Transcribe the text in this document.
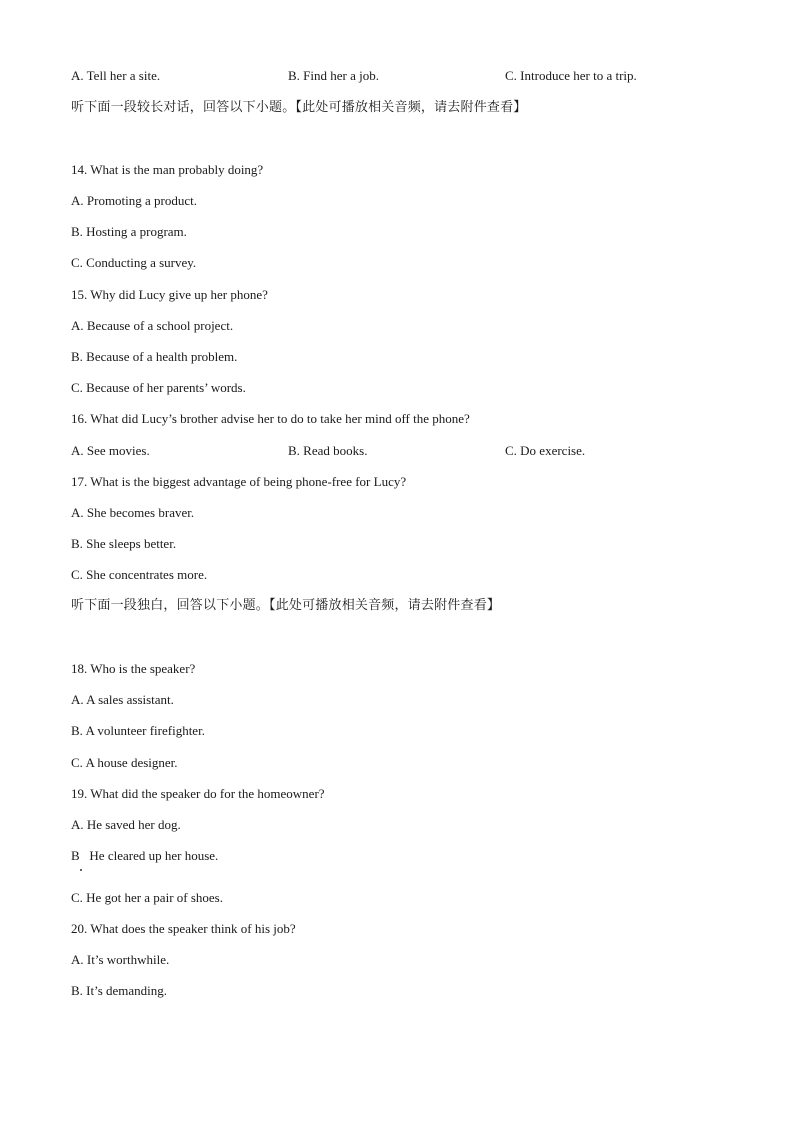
A. Tell her a site.	B. Find her a job.	C. Introduce her to a trip.
听下面一段较长对话，回答以下小题。【此处可播放相关音频，请去附件查看】
14. What is the man probably doing?
A. Promoting a product.
B. Hosting a program.
C. Conducting a survey.
15. Why did Lucy give up her phone?
A. Because of a school project.
B. Because of a health problem.
C. Because of her parents’ words.
16. What did Lucy’s brother advise her to do to take her mind off the phone?
A. See movies.	B. Read books.	C. Do exercise.
17. What is the biggest advantage of being phone-free for Lucy?
A. She becomes braver.
B. She sleeps better.
C. She concentrates more.
听下面一段独白，回答以下小题。【此处可播放相关音频，请去附件查看】
18. Who is the speaker?
A. A sales assistant.
B. A volunteer firefighter.
C. A house designer.
19. What did the speaker do for the homeowner?
A. He saved her dog.
B   He cleared up her house.
C. He got her a pair of shoes.
20. What does the speaker think of his job?
A. It’s worthwhile.
B. It’s demanding.
